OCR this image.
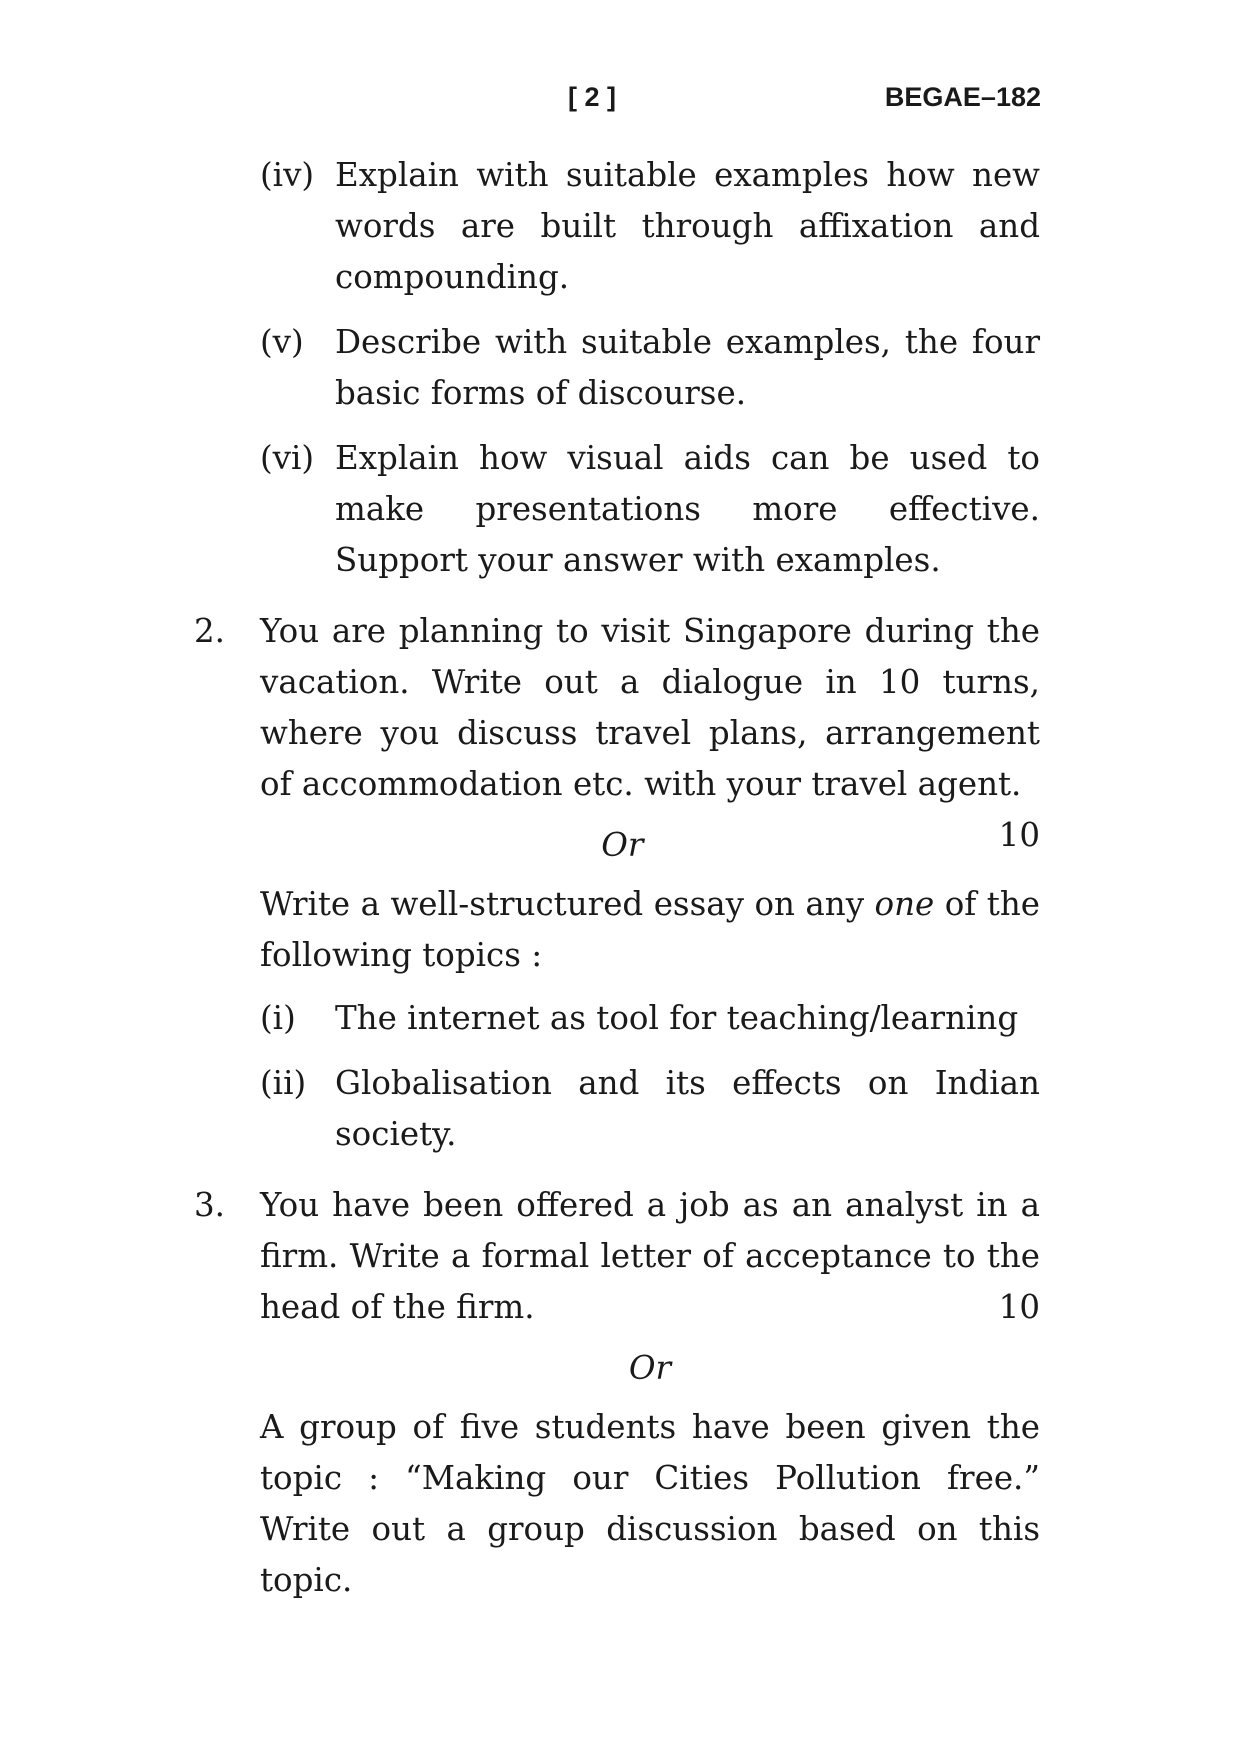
[ 2 ]	BEGAE–182
(iv) Explain with suitable examples how new words are built through affixation and compounding.
(v) Describe with suitable examples, the four basic forms of discourse.
(vi) Explain how visual aids can be used to make presentations more effective. Support your answer with examples.
2. You are planning to visit Singapore during the vacation. Write out a dialogue in 10 turns, where you discuss travel plans, arrangement of accommodation etc. with your travel agent.
10
Or
Write a well-structured essay on any one of the following topics :
(i) The internet as tool for teaching/learning
(ii) Globalisation and its effects on Indian society.
3. You have been offered a job as an analyst in a firm. Write a formal letter of acceptance to the head of the firm.	10
Or
A group of five students have been given the topic : “Making our Cities Pollution free.” Write out a group discussion based on this topic.
